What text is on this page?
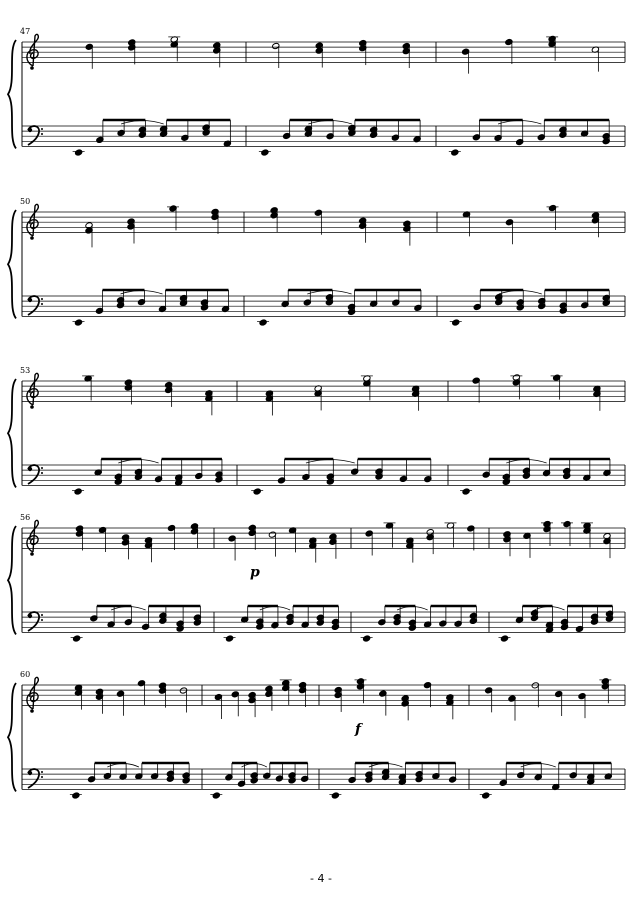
47
50
53
56
p
60
f
- 4 -
